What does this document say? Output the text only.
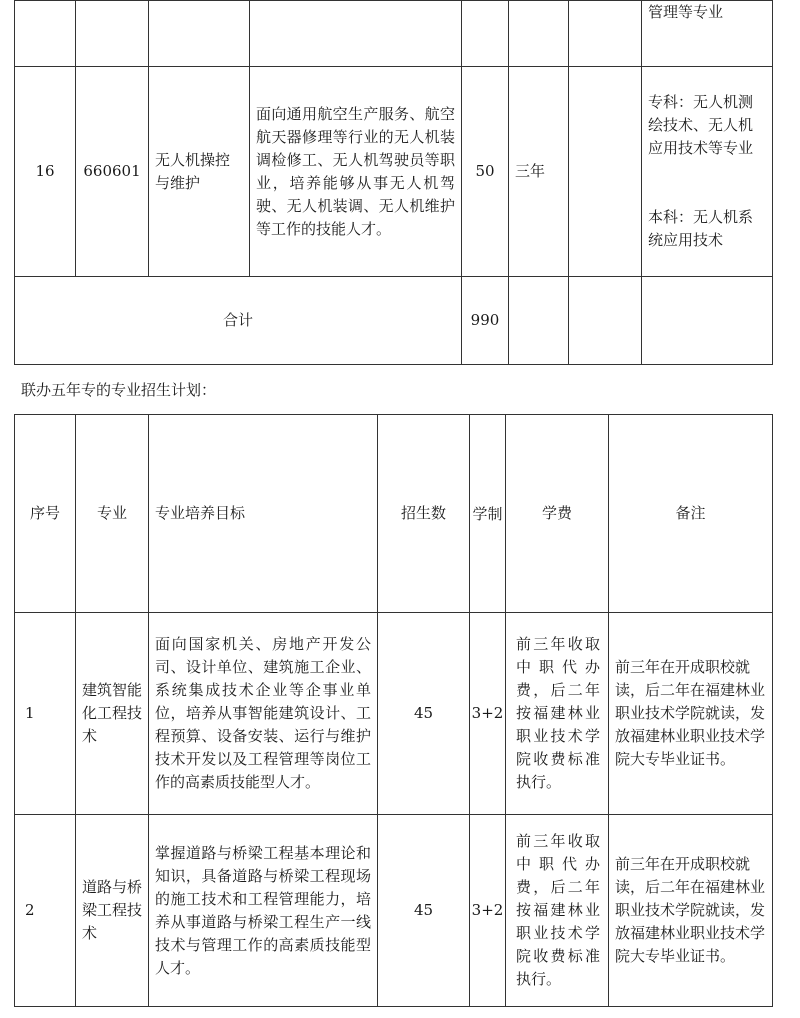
							管理等专业
16	660601	无人机操控与维护	面向通用航空生产服务、航空航天器修理等行业的无人机装调检修工、无人机驾驶员等职业，培养能够从事无人机驾驶、无人机装调、无人机维护等工作的技能人才。	50	三年		专科：无人机测绘技术、无人机应用技术等专业
本科：无人机系统应用技术

合计				990			
联办五年专的专业招生计划：
序号	专业	专业培养目标	招生数	学制	学费	备注
1	建筑智能化工程技术	面向国家机关、房地产开发公司、设计单位、建筑施工企业、系统集成技术企业等企事业单位，培养从事智能建筑设计、工程预算、设备安装、运行与维护技术开发以及工程管理等岗位工作的高素质技能型人才。	45	3+2	前三年收取中职代办费，后二年按福建林业职业技术学院收费标准执行。	前三年在开成职校就读，后二年在福建林业职业技术学院就读，发放福建林业职业技术学院大专毕业证书。
2	道路与桥梁工程技术	掌握道路与桥梁工程基本理论和知识，具备道路与桥梁工程现场的施工技术和工程管理能力，培养从事道路与桥梁工程生产一线技术与管理工作的高素质技能型人才。	45	3+2	前三年收取中职代办费，后二年按福建林业职业技术学院收费标准执行。	前三年在开成职校就读，后二年在福建林业职业技术学院就读，发放福建林业职业技术学院大专毕业证书。
